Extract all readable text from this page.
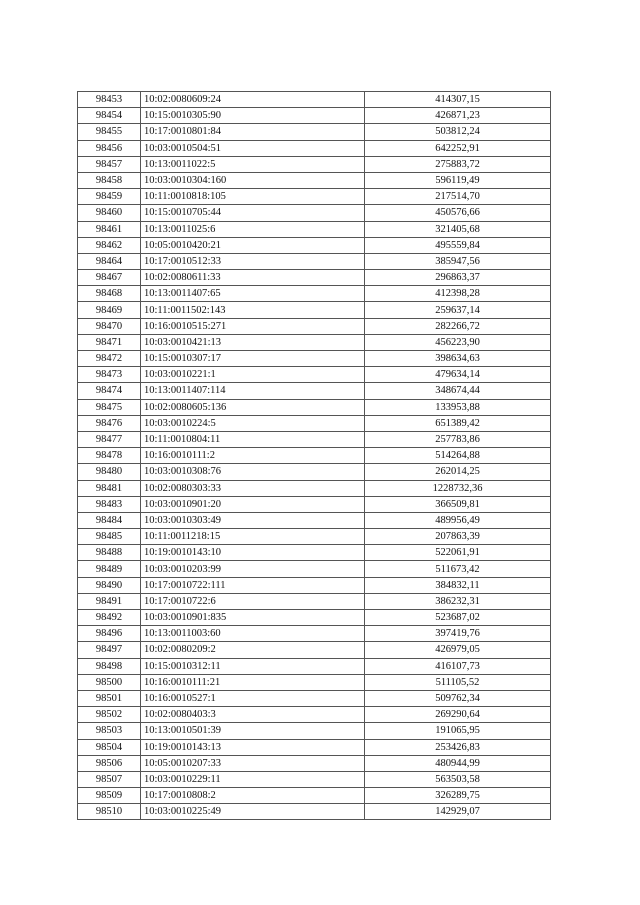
98453	10:02:0080609:24	414307,15
98454	10:15:0010305:90	426871,23
98455	10:17:0010801:84	503812,24
98456	10:03:0010504:51	642252,91
98457	10:13:0011022:5	275883,72
98458	10:03:0010304:160	596119,49
98459	10:11:0010818:105	217514,70
98460	10:15:0010705:44	450576,66
98461	10:13:0011025:6	321405,68
98462	10:05:0010420:21	495559,84
98464	10:17:0010512:33	385947,56
98467	10:02:0080611:33	296863,37
98468	10:13:0011407:65	412398,28
98469	10:11:0011502:143	259637,14
98470	10:16:0010515:271	282266,72
98471	10:03:0010421:13	456223,90
98472	10:15:0010307:17	398634,63
98473	10:03:0010221:1	479634,14
98474	10:13:0011407:114	348674,44
98475	10:02:0080605:136	133953,88
98476	10:03:0010224:5	651389,42
98477	10:11:0010804:11	257783,86
98478	10:16:0010111:2	514264,88
98480	10:03:0010308:76	262014,25
98481	10:02:0080303:33	1228732,36
98483	10:03:0010901:20	366509,81
98484	10:03:0010303:49	489956,49
98485	10:11:0011218:15	207863,39
98488	10:19:0010143:10	522061,91
98489	10:03:0010203:99	511673,42
98490	10:17:0010722:111	384832,11
98491	10:17:0010722:6	386232,31
98492	10:03:0010901:835	523687,02
98496	10:13:0011003:60	397419,76
98497	10:02:0080209:2	426979,05
98498	10:15:0010312:11	416107,73
98500	10:16:0010111:21	511105,52
98501	10:16:0010527:1	509762,34
98502	10:02:0080403:3	269290,64
98503	10:13:0010501:39	191065,95
98504	10:19:0010143:13	253426,83
98506	10:05:0010207:33	480944,99
98507	10:03:0010229:11	563503,58
98509	10:17:0010808:2	326289,75
98510	10:03:0010225:49	142929,07
